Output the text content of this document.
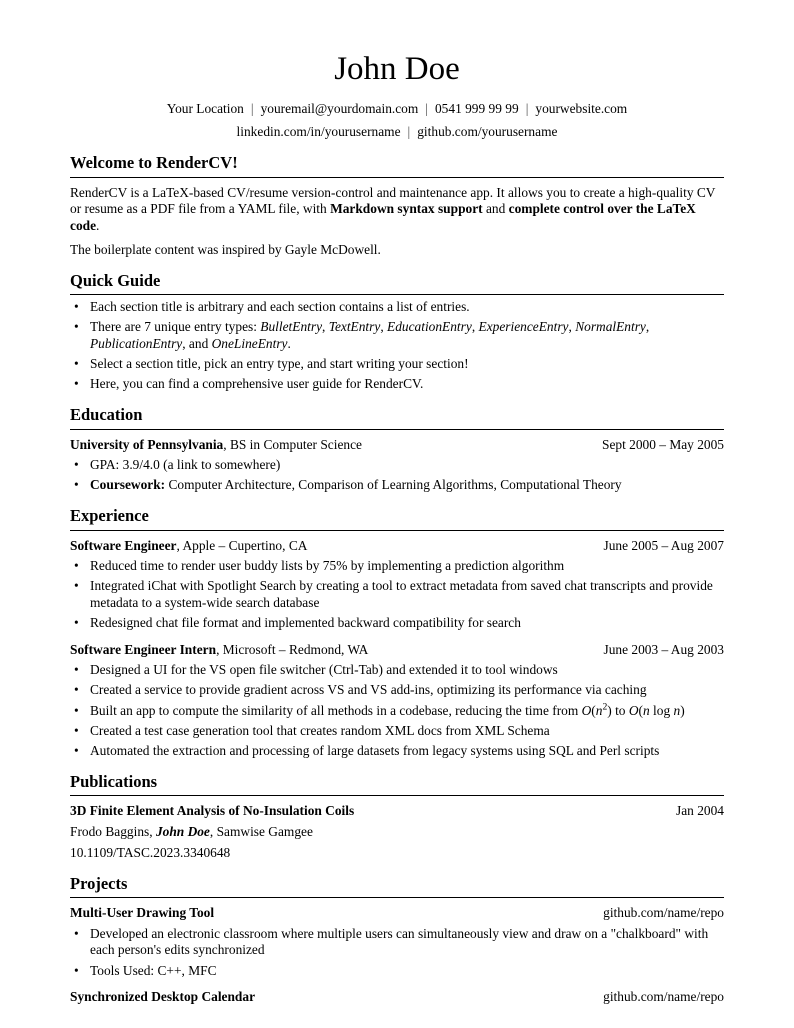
John Doe
Your Location | youremail@yourdomain.com | 0541 999 99 99 | yourwebsite.com
linkedin.com/in/yourusername | github.com/yourusername
Welcome to RenderCV!

RenderCV is a LaTeX-based CV/resume version-control and maintenance app. It allows you to create a high-quality CV or resume as a PDF file from a YAML file, with Markdown syntax support and complete control over the LaTeX code.

The boilerplate content was inspired by Gayle McDowell.

Quick Guide
• Each section title is arbitrary and each section contains a list of entries.
• There are 7 unique entry types: BulletEntry, TextEntry, EducationEntry, ExperienceEntry, NormalEntry, PublicationEntry, and OneLineEntry.
• Select a section title, pick an entry type, and start writing your section!
• Here, you can find a comprehensive user guide for RenderCV.
Education
University of Pennsylvania, BS in Computer Science	Sept 2000 – May 2005
• GPA: 3.9/4.0 (a link to somewhere)
• Coursework: Computer Architecture, Comparison of Learning Algorithms, Computational Theory
Experience
Software Engineer, Apple – Cupertino, CA	June 2005 – Aug 2007
• Reduced time to render user buddy lists by 75% by implementing a prediction algorithm
• Integrated iChat with Spotlight Search by creating a tool to extract metadata from saved chat transcripts and provide metadata to a system-wide search database
• Redesigned chat file format and implemented backward compatibility for search
Software Engineer Intern, Microsoft – Redmond, WA	June 2003 – Aug 2003
• Designed a UI for the VS open file switcher (Ctrl-Tab) and extended it to tool windows
• Created a service to provide gradient across VS and VS add-ins, optimizing its performance via caching
• Built an app to compute the similarity of all methods in a codebase, reducing the time from $O(n^2)$ to O(n log n)
• Created a test case generation tool that creates random XML docs from XML Schema
• Automated the extraction and processing of large datasets from legacy systems using SQL and Perl scripts
Publications
3D Finite Element Analysis of No-Insulation Coils	Jan 2004
Frodo Baggins, John Doe, Samwise Gamgee
10.1109/TASC.2023.3340648
Projects
Multi-User Drawing Tool	github.com/name/repo
• Developed an electronic classroom where multiple users can simultaneously view and draw on a "chalkboard" with each person's edits synchronized
• Tools Used: C++, MFC
Synchronized Desktop Calendar	github.com/name/repo
